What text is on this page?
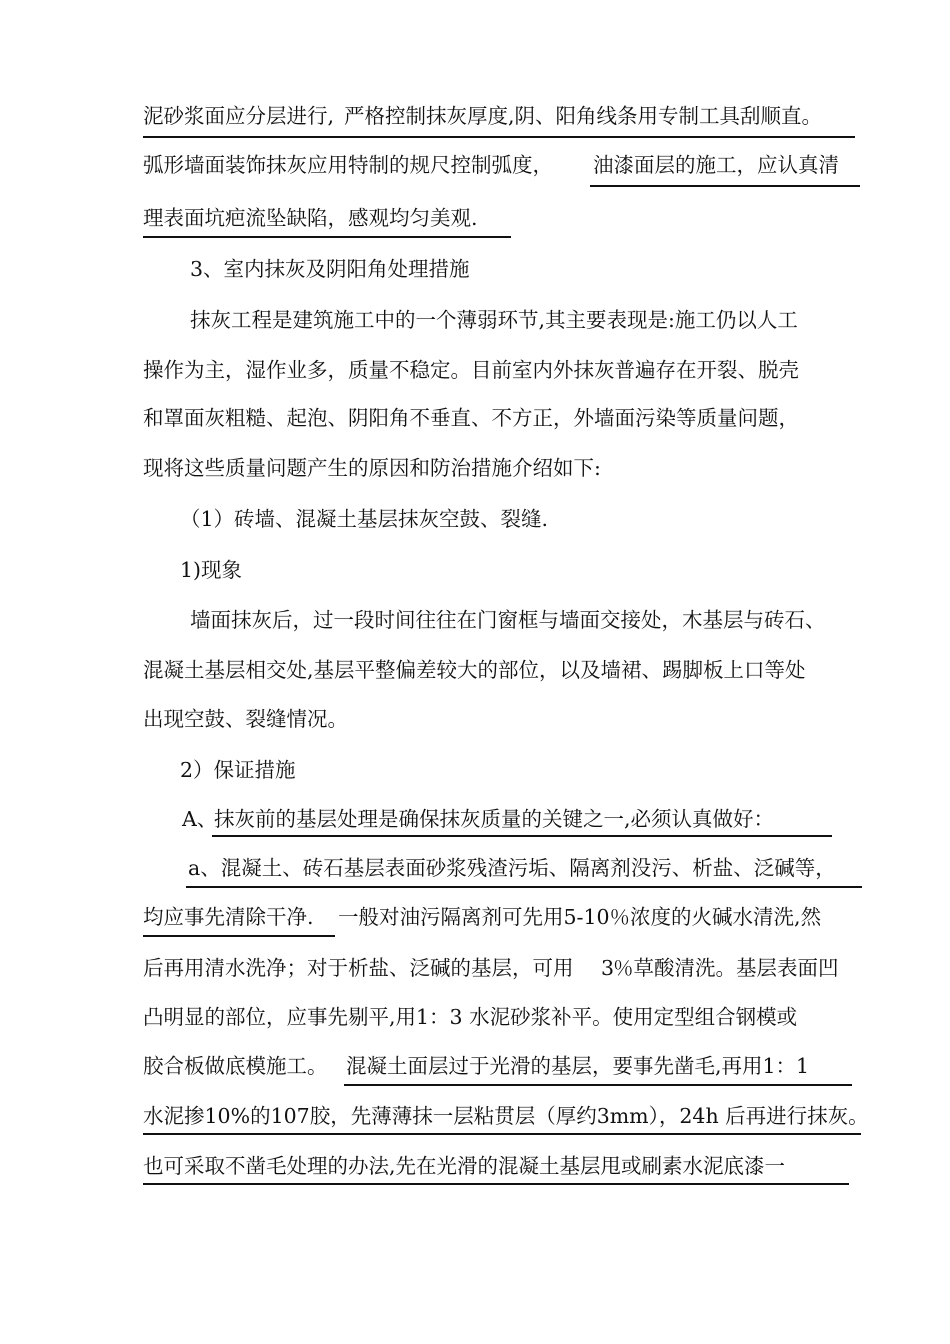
泥砂浆面应分层进行, 严格控制抹灰厚度,阴、阳角线条用专制工具刮顺直。
弧形墙面装饰抹灰应用特制的规尺控制弧度， 油漆面层的施工，应认真清
理表面坑疤流坠缺陷，感观均匀美观.
3、室内抹灰及阴阳角处理措施
抹灰工程是建筑施工中的一个薄弱环节,其主要表现是:施工仍以人工
操作为主，湿作业多，质量不稳定。目前室内外抹灰普遍存在开裂、脱壳
和罩面灰粗糙、起泡、阴阳角不垂直、不方正，外墙面污染等质量问题，
现将这些质量问题产生的原因和防治措施介绍如下:
（1）砖墙、混凝土基层抹灰空鼓、裂缝.
1)现象
墙面抹灰后，过一段时间往往在门窗框与墙面交接处，木基层与砖石、
混凝土基层相交处,基层平整偏差较大的部位，以及墙裙、踢脚板上口等处
出现空鼓、裂缝情况。
2）保证措施
A、
抹灰前的基层处理是确保抹灰质量的关键之一,必须认真做好：
a、混凝土、砖石基层表面砂浆残渣污垢、隔离剂没污、析盐、泛碱等，
均应事先清除干净. 一般对油污隔离剂可先用5-10％浓度的火碱水清洗,然
后再用清水洗净；对于析盐、泛碱的基层，可用 3
％草酸清洗。基层表面凹
凸明显的部位，应事先剔平,用1：3 水泥砂浆补平。使用定型组合钢模或
胶合板做底模施工。 混凝土面层过于光滑的基层，要事先凿毛,再用1：1
水泥掺10%的107胶，先薄薄抹一层粘贯层（厚约3mm），24h 后再进行抹灰。
也可采取不凿毛处理的办法,先在光滑的混凝土基层甩或刷素水泥底漆一
